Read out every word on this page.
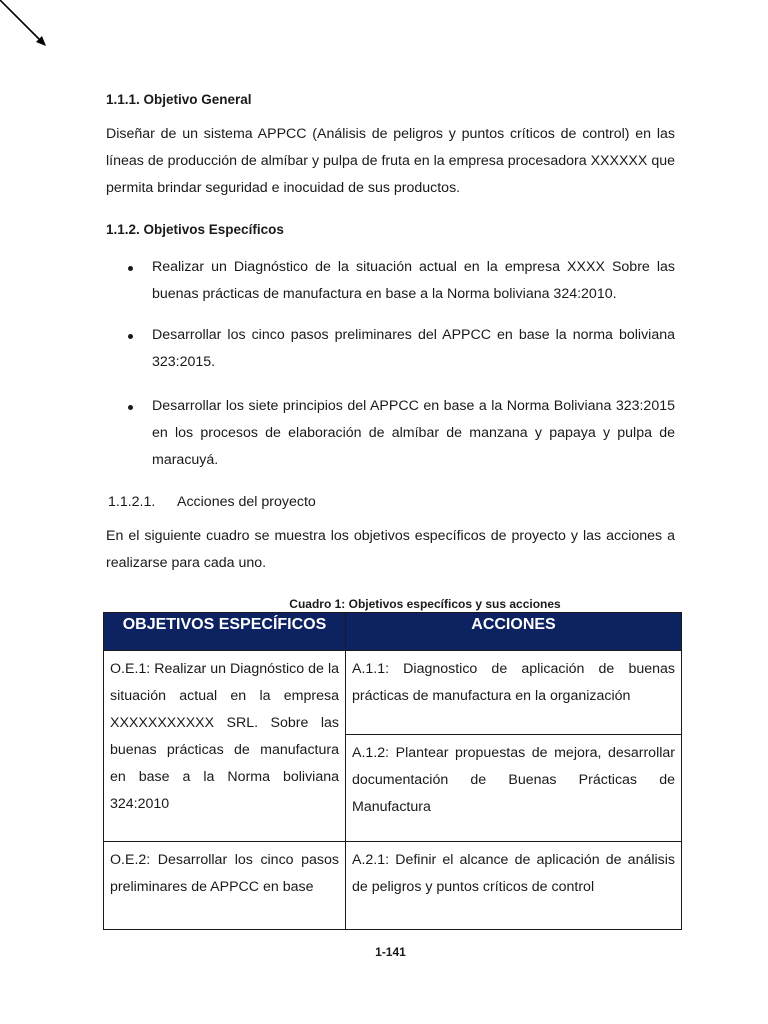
1.1.1. Objetivo General
Diseñar de un sistema APPCC (Análisis de peligros y puntos críticos de control) en las líneas de producción de almíbar y pulpa de fruta en la empresa procesadora XXXXXX que permita brindar seguridad e inocuidad de sus productos.
1.1.2. Objetivos Específicos
Realizar un Diagnóstico de la situación actual en la empresa XXXX Sobre las buenas prácticas de manufactura en base a la Norma boliviana 324:2010.
Desarrollar los cinco pasos preliminares del APPCC en base la norma boliviana 323:2015.
Desarrollar los siete principios del APPCC en base a la Norma Boliviana 323:2015 en los procesos de elaboración de almíbar de manzana y papaya y pulpa de maracuyá.
1.1.2.1. Acciones del proyecto
En el siguiente cuadro se muestra los objetivos específicos de proyecto y las acciones a realizarse para cada uno.
Cuadro 1: Objetivos específicos y sus acciones
OBJETIVOS ESPECÍFICOS	ACCIONES
O.E.1: Realizar un Diagnóstico de la situación actual en la empresa XXXXXXXXXXX SRL. Sobre las buenas prácticas de manufactura en base a la Norma boliviana 324:2010	A.1.1: Diagnostico de aplicación de buenas prácticas de manufactura en la organización
	A.1.2: Plantear propuestas de mejora, desarrollar documentación de Buenas Prácticas de Manufactura
O.E.2: Desarrollar los cinco pasos preliminares de APPCC en base	A.2.1: Definir el alcance de aplicación de análisis de peligros y puntos críticos de control
1-141
